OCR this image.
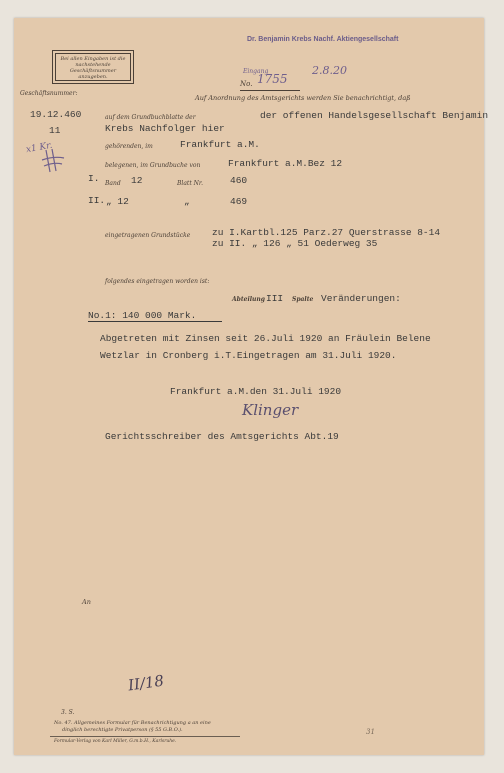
Bei allen Eingaben ist die nachstehende Geschäftsnummer anzugeben.
Dr. Benjamin Krebs Nachf. Aktiengesellschaft
Eingang
No. 1755
2.8.20
Geschäftsnummer:
19.12.460
11
x1 Kr.
I.
II.
Auf Anordnung des Amtsgerichts werden Sie benachrichtigt, daß
auf dem Grundbuchblatte der	der offenen Handelsgesellschaft Benjamin
Krebs Nachfolger hier
gehörenden, im	Frankfurt a.M.
belegenen, im Grundbuche von	Frankfurt a.M.Bez 12
Band 12	Blatt Nr.	460
„ 12	„	469
eingetragenen Grundstücke zu I.Kartbl.125 Parz.27 Querstrasse 8-14
zu II. „ 126 „ 51 Oederweg 35
folgendes eingetragen worden ist:
Abteilung III Spalte Veränderungen:
No.1: 140 000 Mark.
Abgetreten mit Zinsen seit 26.Juli 1920 an Fräulein Belene
Wetzlar in Cronberg i.T.Eingetragen am 31.Juli 1920.
Frankfurt a.M.den 31.Juli 1920
Klinger
Gerichtsschreiber des Amtsgerichts Abt.19
An
II/18
3. S.
No. 47. Allgemeines Formular für Benachrichtigung a an eine
dinglich berechtigte Privatperson (§ 55 G.B.O.).
Formular-Verlag von Karl Miller, G.m.b.H., Karlsruhe.
31
